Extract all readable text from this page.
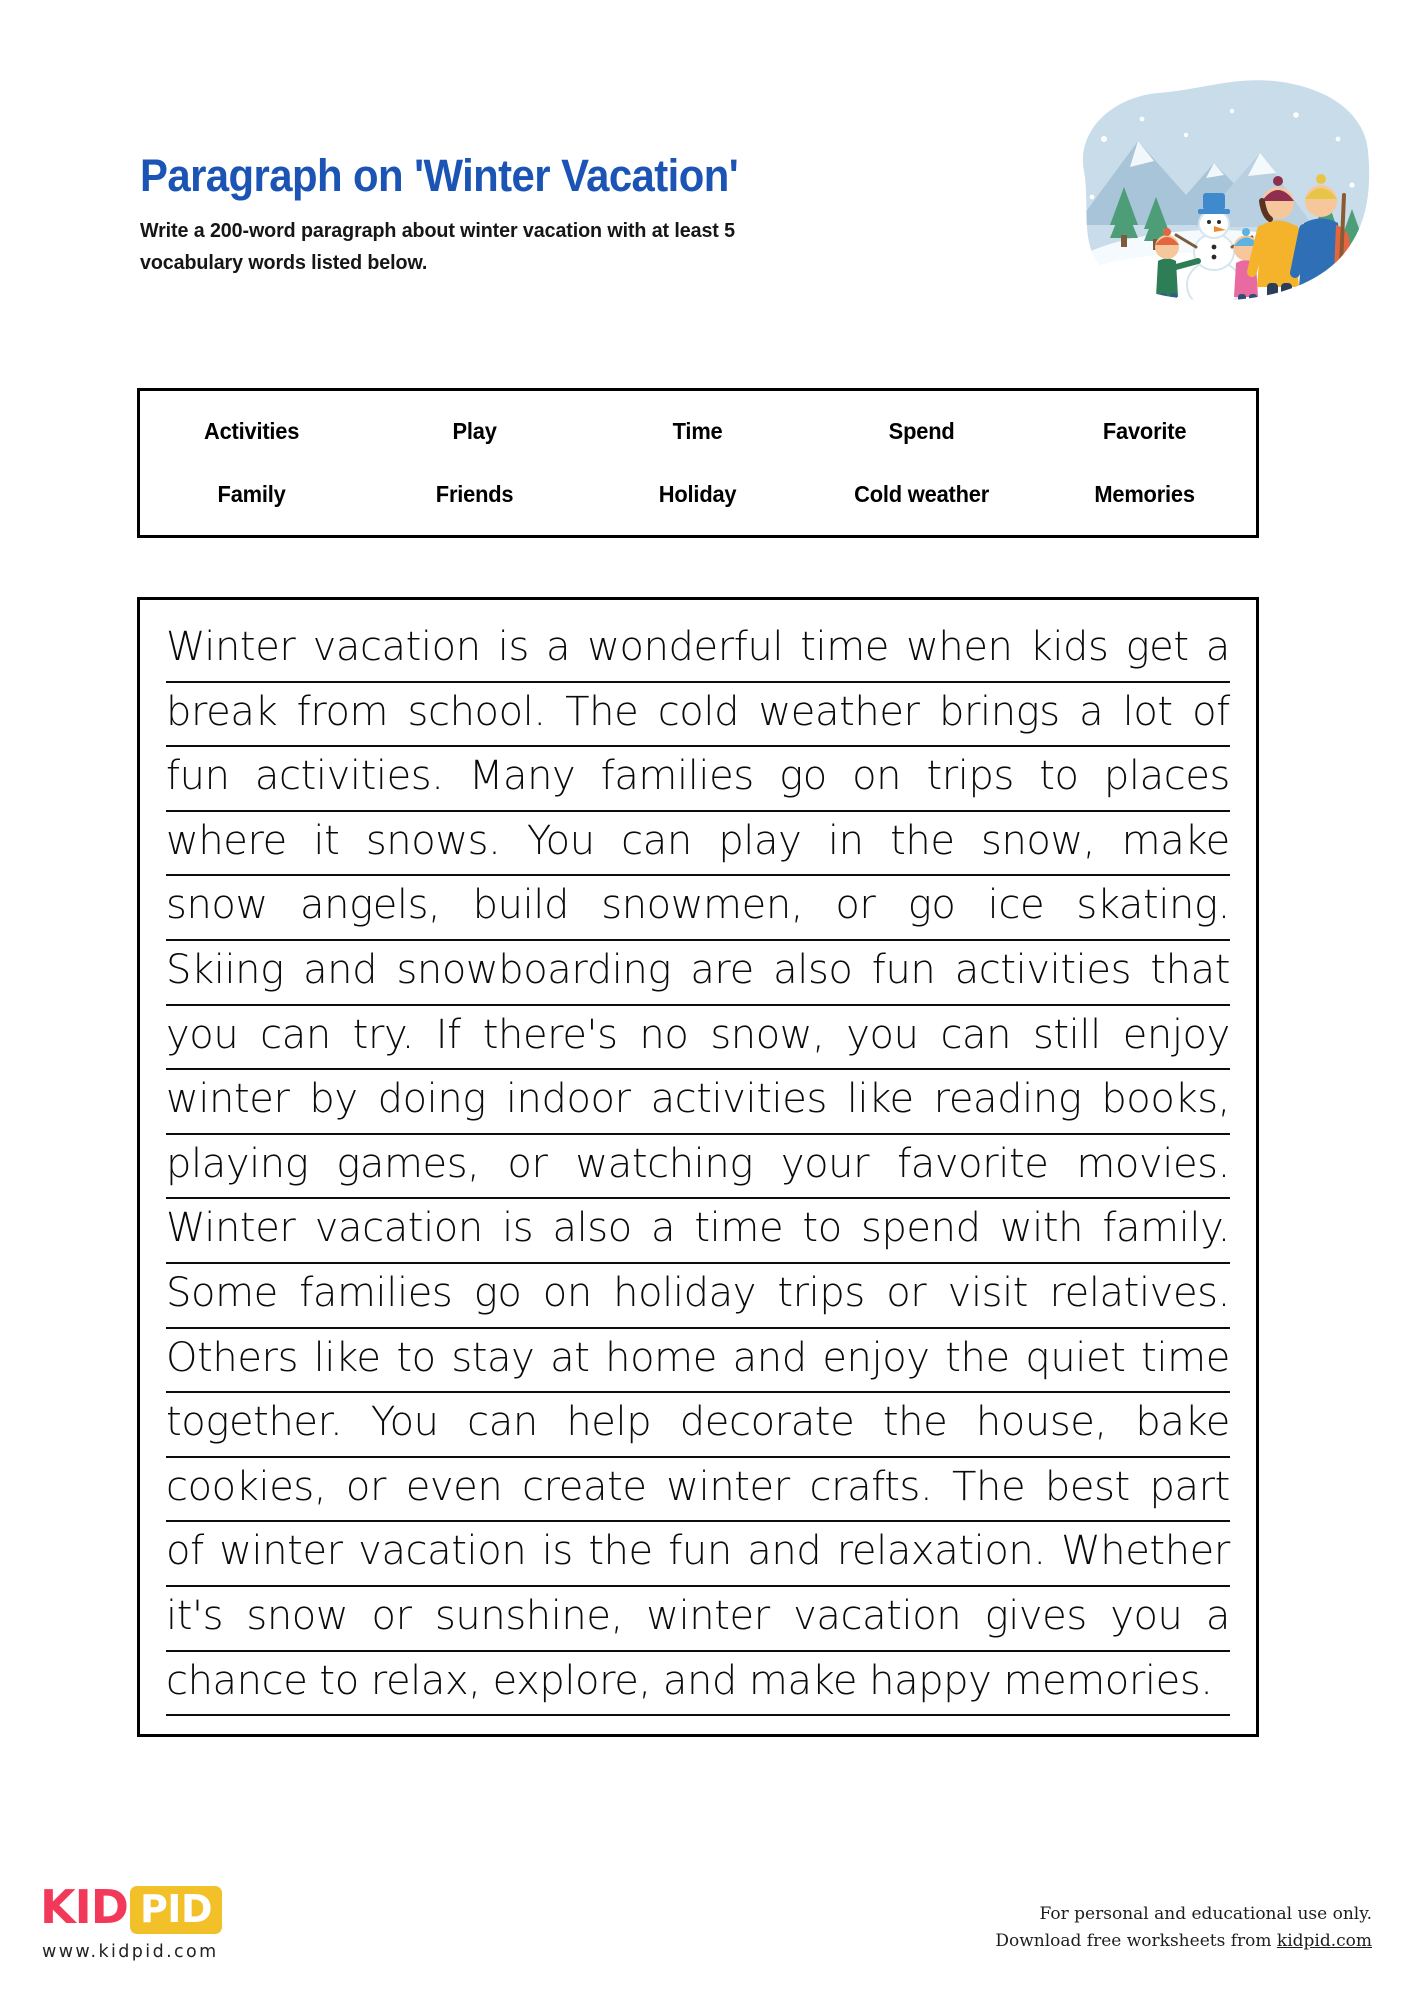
Paragraph on 'Winter Vacation'

Write a 200-word paragraph about winter vacation with at least 5 vocabulary words listed below.

Activities	Play	Time	Spend	Favorite
Family	Friends	Holiday	Cold weather	Memories
Winter vacation is a wonderful time when kids get a
break from school. The cold weather brings a lot of
fun activities. Many families go on trips to places
where it snows. You can play in the snow, make
snow angels, build snowmen, or go ice skating.
Skiing and snowboarding are also fun activities that
you can try. If there's no snow, you can still enjoy
winter by doing indoor activities like reading books,
playing games, or watching your favorite movies.
Winter vacation is also a time to spend with family.
Some families go on holiday trips or visit relatives.
Others like to stay at home and enjoy the quiet time
together. You can help decorate the house, bake
cookies, or even create winter crafts. The best part
of winter vacation is the fun and relaxation. Whether
it's snow or sunshine, winter vacation gives you a
chance to relax, explore, and make happy memories.
KID PID
www.kidpid.com
For personal and educational use only.
Download free worksheets from kidpid.com
